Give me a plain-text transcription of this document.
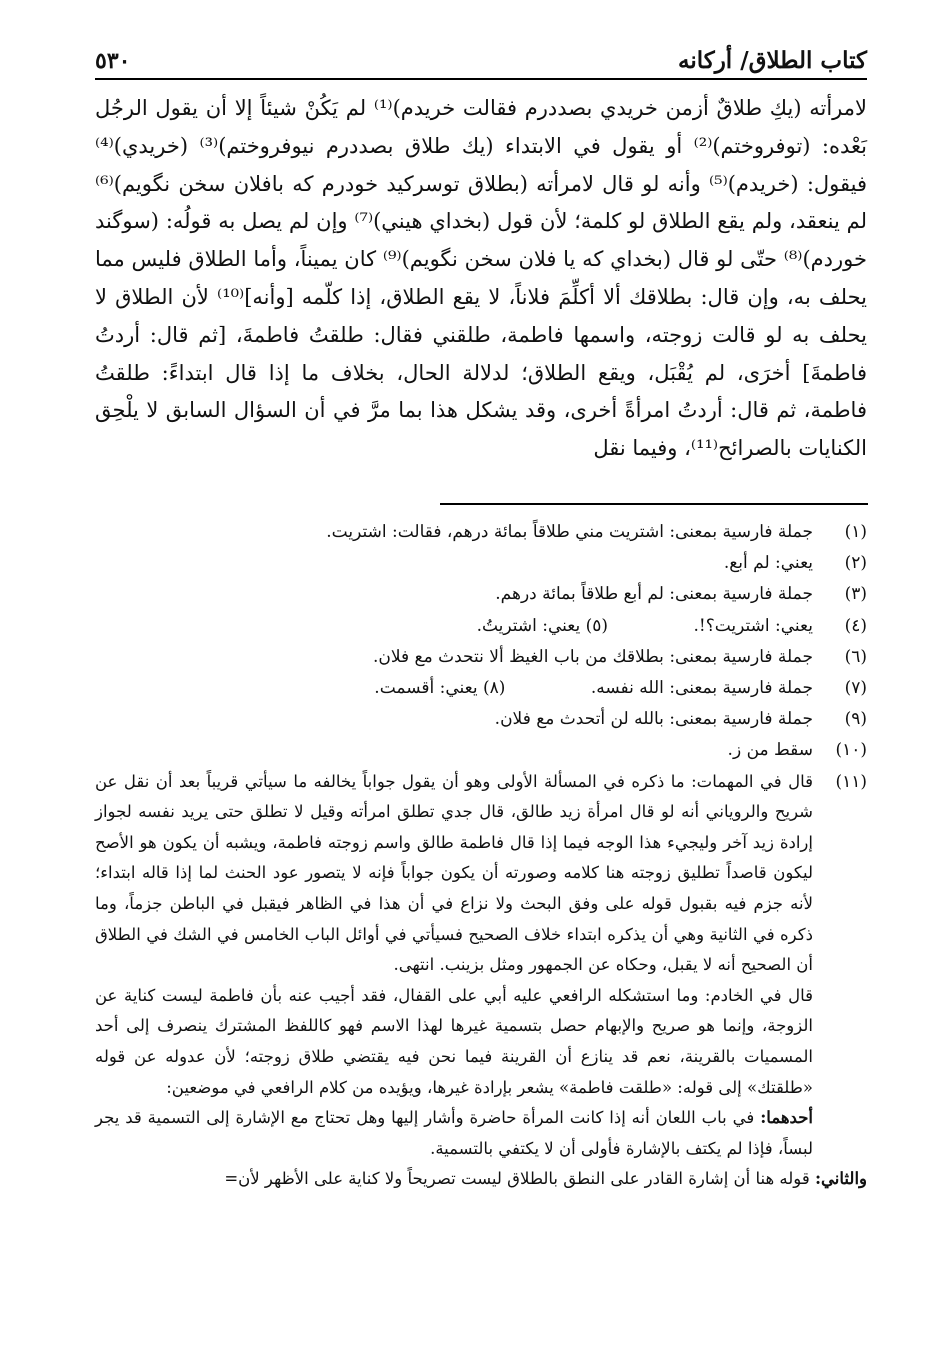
كتاب الطلاق/ أركانه
٥٣٠

لامرأته (يكِ طلاقٌ أزمن خريدي بصددرم فقالت خريدم)⁽¹⁾ لم يَكُنْ شيئاً إلا أن يقول الرجُل بَعْده: (توفروختم)⁽²⁾ أو يقول في الابتداء (يك طلاق بصددرم نيوفروختم)⁽³⁾ (خريدي)⁽⁴⁾ فيقول: (خريدم)⁽⁵⁾ وأنه لو قال لامرأته (بطلاق توسركيد خودرم كه بافلان سخن نگويم)⁽⁶⁾ لم ينعقد، ولم يقع الطلاق لو كلمة؛ لأن قول (بخداي هيني)⁽⁷⁾ وإن لم يصل به قولُه: (سوگند خوردم)⁽⁸⁾ حتّى لو قال (بخداي كه يا فلان سخن نگويم)⁽⁹⁾ كان يميناً، وأما الطلاق فليس مما يحلف به، وإن قال: بطلاقك ألا أكلِّمَ فلاناً، لا يقع الطلاق، إذا كلّمه [وأنه]⁽¹⁰⁾ لأن الطلاق لا يحلف به لو قالت زوجته، واسمها فاطمة، طلقني فقال: طلقتُ فاطمةَ، [ثم قال: أردتُ فاطمةَ] أخرَى، لم يُقْبَل، ويقع الطلاق؛ لدلالة الحال، بخلاف ما إذا قال ابتداءً: طلقتُ فاطمة، ثم قال: أردتُ امرأةً أخرى، وقد يشكل هذا بما مرَّ في أن السؤال السابق لا يلْحِق الكنايات بالصرائح⁽¹¹⁾، وفيما نقل

(١)
جملة فارسية بمعنى: اشتريت مني طلاقاً بمائة درهم، فقالت: اشتريت.
(٢)
يعني: لم أبع.
(٣)
جملة فارسية بمعنى: لم أبع طلاقاً بمائة درهم.
(٤)
يعني: اشتريت؟!. (٥) يعني: اشتريتُ.
(٦)
جملة فارسية بمعنى: بطلاقك من باب الغيظ ألا نتحدث مع فلان.
(٧)
جملة فارسية بمعنى: الله نفسه. (٨) يعني: أقسمت.
(٩)
جملة فارسية بمعنى: بالله لن أتحدث مع فلان.
(١٠)
سقط من ز.
(١١)
قال في المهمات: ما ذكره في المسألة الأولى وهو أن يقول جواباً يخالفه ما سيأتي قريباً بعد أن نقل عن شريح والروياني أنه لو قال امرأة زيد طالق، قال جدي تطلق امرأته وقيل لا تطلق حتى يريد نفسه لجواز إرادة زيد آخر وليجيء هذا الوجه فيما إذا قال فاطمة طالق واسم زوجته فاطمة، ويشبه أن يكون هو الأصح ليكون قاصداً تطليق زوجته هنا كلامه وصورته أن يكون جواباً فإنه لا يتصور عود الحنث لما إذا قاله ابتداء؛ لأنه جزم فيه بقبول قوله على وفق البحث ولا نزاع في أن هذا في الظاهر فيقبل في الباطن جزماً، وما ذكره في الثانية وهي أن يذكره ابتداء خلاف الصحيح فسيأتي في أوائل الباب الخامس في الشك في الطلاق أن الصحيح أنه لا يقبل، وحكاه عن الجمهور ومثل بزينب. انتهى.
قال في الخادم: وما استشكله الرافعي عليه أبي على القفال، فقد أجيب عنه بأن فاطمة ليست كناية عن الزوجة، وإنما هو صريح والإبهام حصل بتسمية غيرها لهذا الاسم فهو كاللفظ المشترك ينصرف إلى أحد المسميات بالقرينة، نعم قد ينازع أن القرينة فيما نحن فيه يقتضي طلاق زوجته؛ لأن عدوله عن قوله «طلقتك» إلى قوله: «طلقت فاطمة» يشعر بإرادة غيرها، ويؤيده من كلام الرافعي في موضعين:
أحدهما: في باب اللعان أنه إذا كانت المرأة حاضرة وأشار إليها وهل تحتاج مع الإشارة إلى التسمية قد يجر لبساً، فإذا لم يكتف بالإشارة فأولى أن لا يكتفي بالتسمية.
والثاني: قوله هنا أن إشارة القادر على النطق بالطلاق ليست تصريحاً ولا كناية على الأظهر لأن=
